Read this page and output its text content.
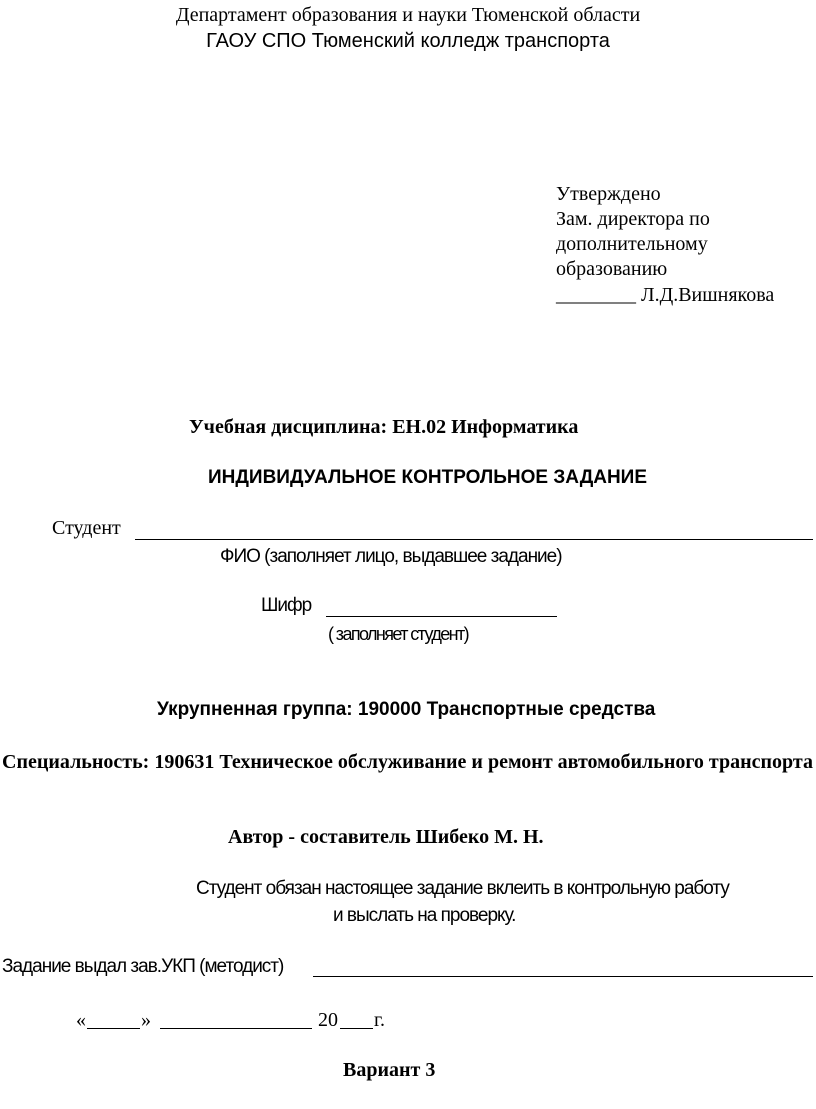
Департамент образования и науки Тюменской области
ГАОУ СПО Тюменский колледж транспорта
Утверждено
Зам. директора по
дополнительному
образованию
________ Л.Д.Вишнякова
Учебная дисциплина: ЕН.02 Информатика
ИНДИВИДУАЛЬНОЕ КОНТРОЛЬНОЕ ЗАДАНИЕ
Студент
ФИО (заполняет лицо, выдавшее задание)
Шифр
( заполняет студент)
Укрупненная группа: 190000 Транспортные средства
Специальность: 190631 Техническое обслуживание и ремонт автомобильного транспорта
Автор - составитель Шибеко М. Н.
Студент обязан настоящее задание вклеить в контрольную работу
и выслать на проверку.
Задание выдал зав.УКП (методист)
«	»	20 г.
Вариант 3
